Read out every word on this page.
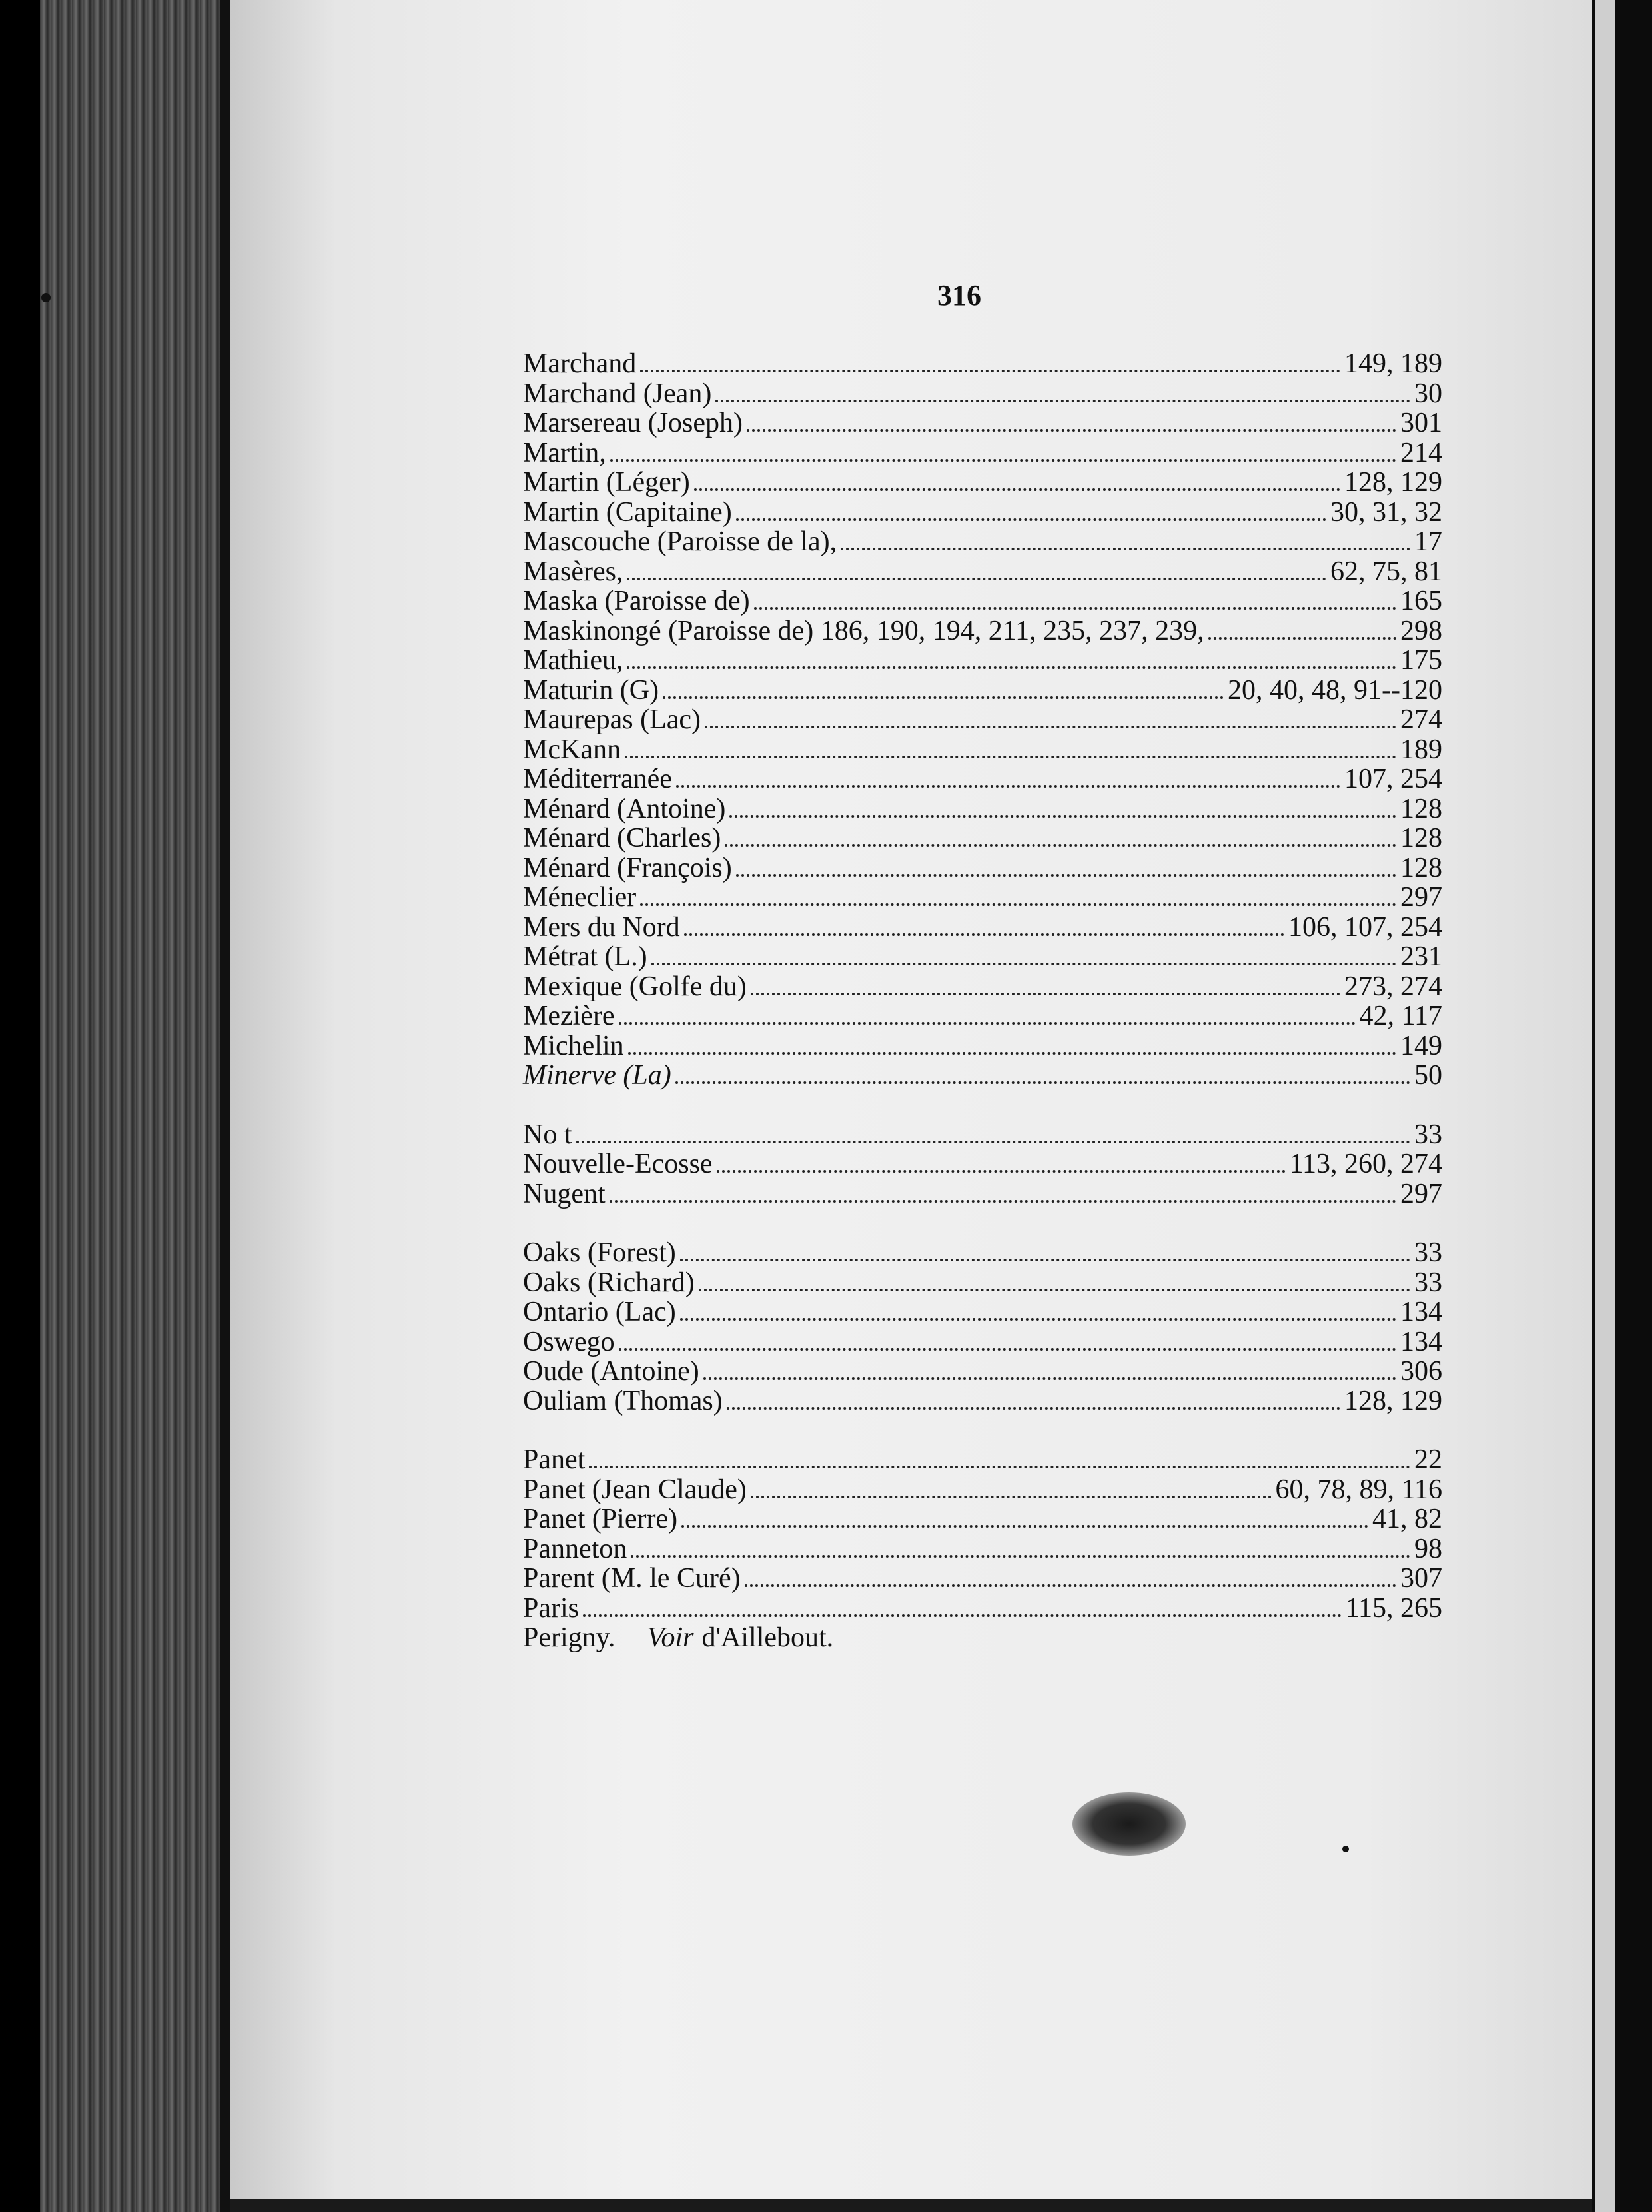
316
Marchand	149, 189
Marchand (Jean)	30
Marsereau (Joseph)	301
Martin,	214
Martin (Léger)	128, 129
Martin (Capitaine)	30, 31, 32
Mascouche (Paroisse de la),	17
Masères,	62, 75, 81
Maska (Paroisse de)	165
Maskinongé (Paroisse de) 186, 190, 194, 211, 235, 237, 239,	298
Mathieu,	175
Maturin (G)	20, 40, 48, 91--120
Maurepas (Lac)	274
McKann	189
Méditerranée	107, 254
Ménard (Antoine)	128
Ménard (Charles)	128
Ménard (François)	128
Méneclier	297
Mers du Nord	106, 107, 254
Métrat (L.)	231
Mexique (Golfe du)	273, 274
Mezière	42, 117
Michelin	149
Minerve (La)	50
No t	33
Nouvelle-Ecosse	113, 260, 274
Nugent	297
Oaks (Forest)	33
Oaks (Richard)	33
Ontario (Lac)	134
Oswego	134
Oude (Antoine)	306
Ouliam (Thomas)	128, 129
Panet	22
Panet (Jean Claude)	60, 78, 89, 116
Panet (Pierre)	41, 82
Panneton	98
Parent (M. le Curé)	307
Paris	115, 265
Perigny. Voir d'Aillebout.
